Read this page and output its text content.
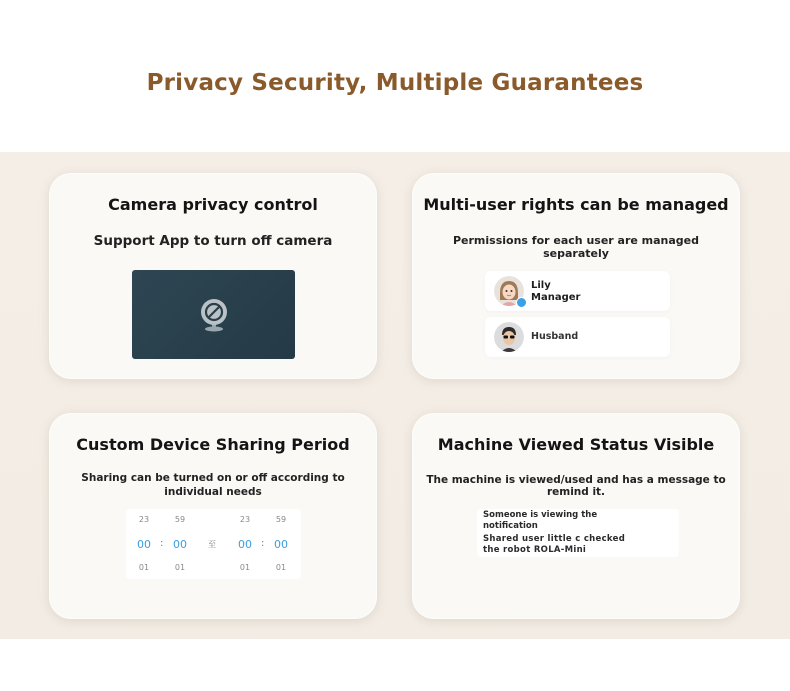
Privacy Security, Multiple Guarantees
Camera privacy control
Support App to turn off camera
Multi-user rights can be managed
Permissions for each user are managed separately
Lily
Manager
Husband
Custom Device Sharing Period
Sharing can be turned on or off according to individual needs
23
00
01
:
59
00
01
至
23
00
01
:
59
00
01
Machine Viewed Status Visible
The machine is viewed/used and has a message to remind it.
Someone is viewing the notification
Shared user little c checked the robot ROLA-Mini
